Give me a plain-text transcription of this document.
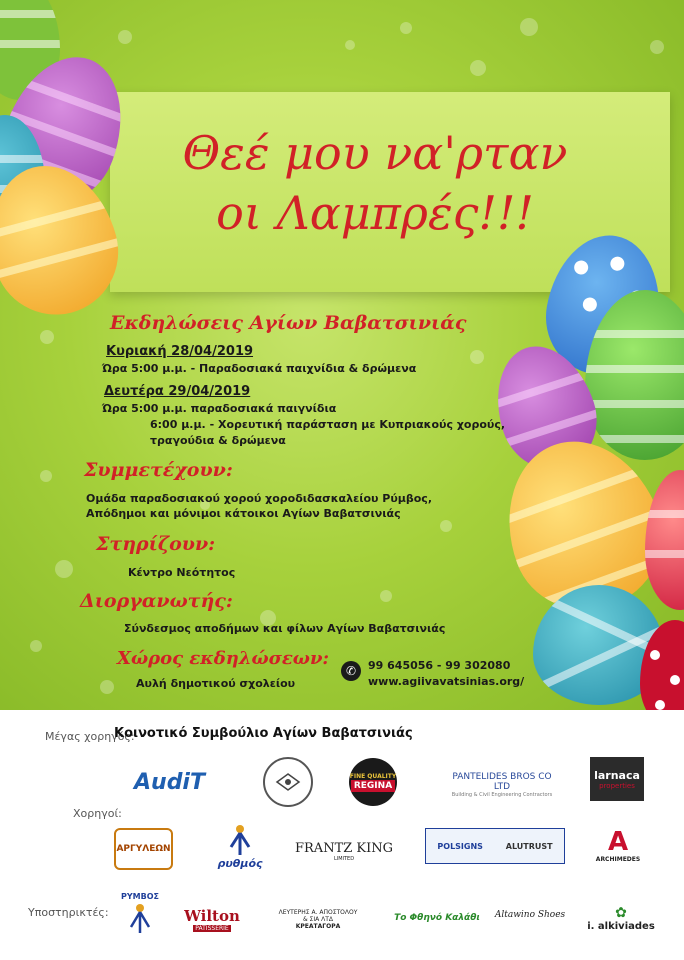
Θεέ μου να'ρταν
οι Λαμπρές!!!
Εκδηλώσεις Αγίων Βαβατσινιάς
Κυριακή 28/04/2019
Ώρα 5:00 μ.μ. - Παραδοσιακά παιχνίδια & δρώμενα
Δευτέρα 29/04/2019
Ώρα 5:00 μ.μ. παραδοσιακά παιγνίδια
6:00 μ.μ. - Χορευτική παράσταση με Κυπριακούς χορούς,
τραγούδια & δρώμενα
Συμμετέχουν:
Ομάδα παραδοσιακού χορού χοροδιδασκαλείου Ρύμβος,
Απόδημοι και μόνιμοι κάτοικοι Αγίων Βαβατσινιάς
Στηρίζουν:
Κέντρο Νεότητος
Διοργανωτής:
Σύνδεσμος αποδήμων και φίλων Αγίων Βαβατσινιάς
Χώρος εκδηλώσεων:
Αυλή δημοτικού σχολείου
✆	99 645056 - 99 302080
www.agiivavatsinias.org/
Μέγας χορηγός:
Κοινοτικό Συμβούλιο Αγίων Βαβατσινιάς
Χορηγοί:
Υποστηρικτές:
AudiT	FINE QUALITY
REGINA
PANTELIDES BROS CO LTD
Building & Civil Engineering Contractors
larnaca
properties
ΑΡΓΥΛΕΩΝ
ρυθμός
FRANTZ KING
LIMITED
POLSIGNS	ALUTRUST A
ARCHIMEDES
ΡΥΜΒΟΣ
Wilton
PATISSERIE
ΛΕΥΤΕΡΗΣ Α. ΑΠΟΣΤΟΛΟΥ
& ΣΙΑ ΛΤΔ
ΚΡΕΑΤΑΓΟΡΑ
Το Φθηνό Καλάθι	Altawino Shoes	✿
i. alkiviades
